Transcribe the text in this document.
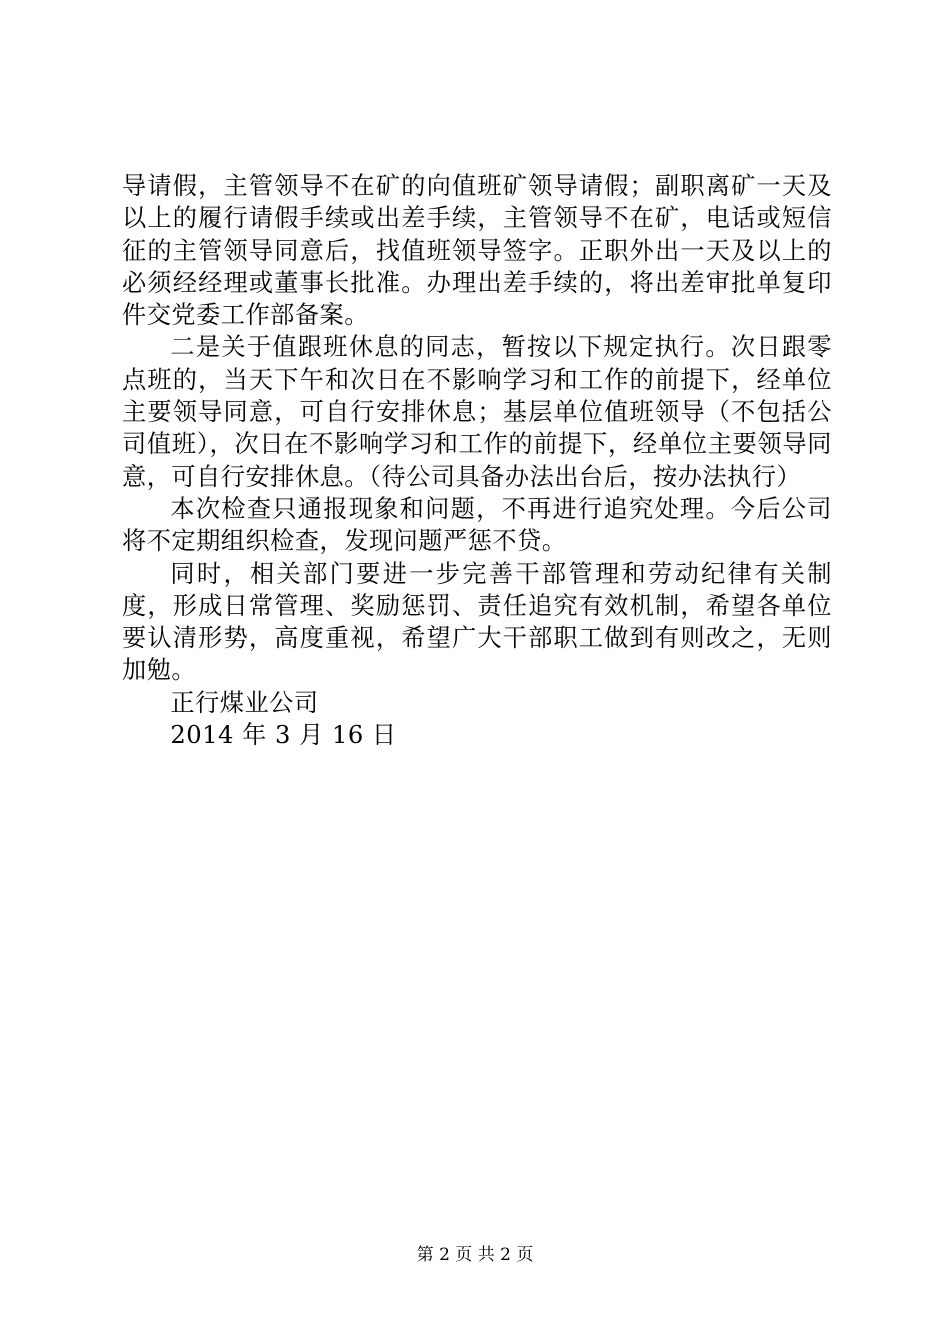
导请假，主管领导不在矿的向值班矿领导请假；副职离矿一天及以上的履行请假手续或出差手续，主管领导不在矿，电话或短信征的主管领导同意后，找值班领导签字。正职外出一天及以上的必须经经理或董事长批准。办理出差手续的，将出差审批单复印件交党委工作部备案。

二是关于值跟班休息的同志，暂按以下规定执行。次日跟零点班的，当天下午和次日在不影响学习和工作的前提下，经单位主要领导同意，可自行安排休息；基层单位值班领导（不包括公司值班），次日在不影响学习和工作的前提下，经单位主要领导同意，可自行安排休息。（待公司具备办法出台后，按办法执行）

本次检查只通报现象和问题，不再进行追究处理。今后公司将不定期组织检查，发现问题严惩不贷。

同时，相关部门要进一步完善干部管理和劳动纪律有关制度，形成日常管理、奖励惩罚、责任追究有效机制，希望各单位要认清形势，高度重视，希望广大干部职工做到有则改之，无则加勉。

正行煤业公司

2014 年 3 月 16 日

第 2 页 共 2 页
